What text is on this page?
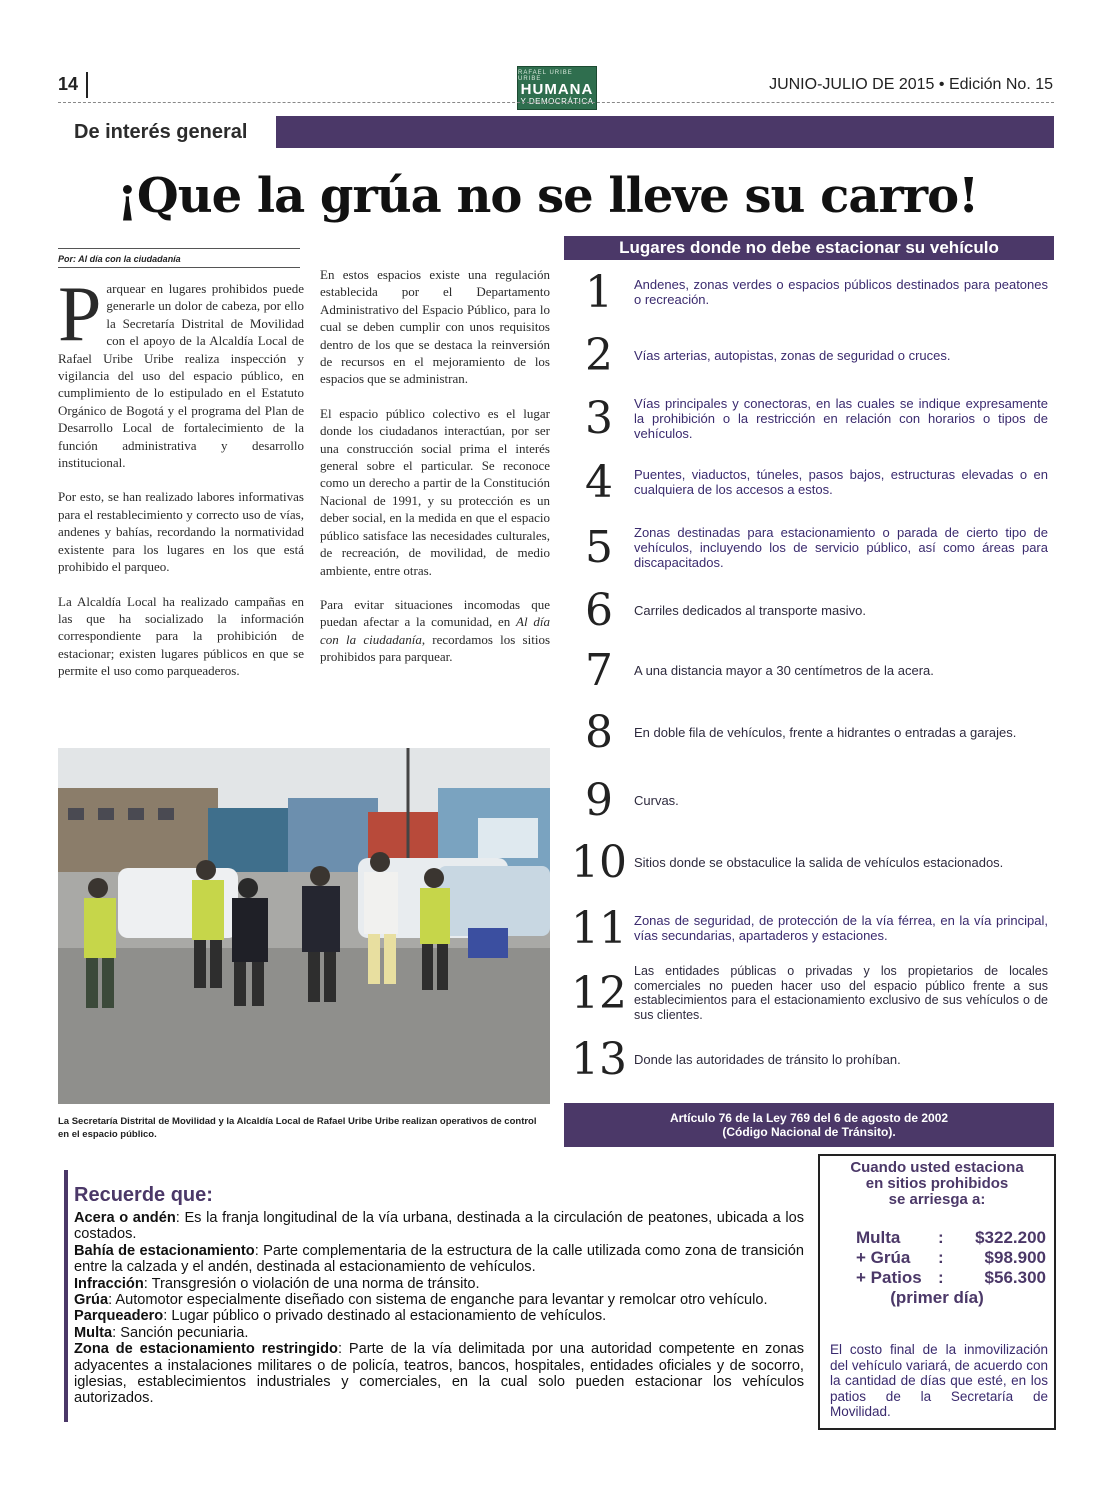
14
RAFAEL URIBE URIBE
HUMANA
Y DEMOCRÁTICA
JUNIO-JULIO DE 2015 • Edición No. 15
De interés general
¡Que la grúa no se lleve su carro!
Por: Al día con la ciudadanía

Parquear en lugares prohibidos puede generarle un dolor de cabeza, por ello la Secretaría Distrital de Movilidad con el apoyo de la Alcaldía Local de Rafael Uribe Uribe realiza inspección y vigilancia del uso del espacio público, en cumplimiento de lo estipulado en el Estatuto Orgánico de Bogotá y el programa del Plan de Desarrollo Local de fortalecimiento de la función administrativa y desarrollo institucional.

Por esto, se han realizado labores informativas para el restablecimiento y correcto uso de vías, andenes y bahías, recordando la normatividad existente para los lugares en los que está prohibido el parqueo.

La Alcaldía Local ha realizado campañas en las que ha socializado la información correspondiente para la prohibición de estacionar; existen lugares públicos en que se permite el uso como parqueaderos.

En estos espacios existe una regulación establecida por el Departamento Administrativo del Espacio Público, para lo cual se deben cumplir con unos requisitos dentro de los que se destaca la reinversión de recursos en el mejoramiento de los espacios que se administran.

El espacio público colectivo es el lugar donde los ciudadanos interactúan, por ser una construcción social prima el interés general sobre el particular. Se reconoce como un derecho a partir de la Constitución Nacional de 1991, y su protección es un deber social, en la medida en que el espacio público satisface las necesidades culturales, de recreación, de movilidad, de medio ambiente, entre otras.

Para evitar situaciones incomodas que puedan afectar a la comunidad, en Al día con la ciudadanía, recordamos los sitios prohibidos para parquear.

La Secretaría Distrital de Movilidad y la Alcaldía Local de Rafael Uribe Uribe realizan operativos de control en el espacio público.
Lugares donde no debe estacionar su vehículo
1	Andenes, zonas verdes o espacios públicos destinados para peatones o recreación.
2	Vías arterias, autopistas, zonas de seguridad o cruces.
3	Vías principales y conectoras, en las cuales se indique expresamente la prohibición o la restricción en relación con horarios o tipos de vehículos.
4	Puentes, viaductos, túneles, pasos bajos, estructuras elevadas o en cualquiera de los accesos a estos.
5	Zonas destinadas para estacionamiento o parada de cierto tipo de vehículos, incluyendo los de servicio público, así como áreas para discapacitados.
6	Carriles dedicados al transporte masivo.
7	A una distancia mayor a 30 centímetros de la acera.
8	En doble fila de vehículos, frente a hidrantes o entradas a garajes.
9	Curvas.
10 Sitios donde se obstaculice la salida de vehículos estacionados.
11 Zonas de seguridad, de protección de la vía férrea, en la vía principal, vías secundarias, apartaderos y estaciones.
12 Las entidades públicas o privadas y los propietarios de locales comerciales no pueden hacer uso del espacio público frente a sus establecimientos para el estacionamiento exclusivo de sus vehículos o de sus clientes.
13 Donde las autoridades de tránsito lo prohíban.
Artículo 76 de la Ley 769 del 6 de agosto de 2002
(Código Nacional de Tránsito).
Recuerde que:
Acera o andén: Es la franja longitudinal de la vía urbana, destinada a la circulación de peatones, ubicada a los costados.
Bahía de estacionamiento: Parte complementaria de la estructura de la calle utilizada como zona de transición entre la calzada y el andén, destinada al estacionamiento de vehículos.
Infracción: Transgresión o violación de una norma de tránsito.
Grúa: Automotor especialmente diseñado con sistema de enganche para levantar y remolcar otro vehículo.
Parqueadero: Lugar público o privado destinado al estacionamiento de vehículos.
Multa: Sanción pecuniaria.
Zona de estacionamiento restringido: Parte de la vía delimitada por una autoridad competente en zonas adyacentes a instalaciones militares o de policía, teatros, bancos, hospitales, entidades oficiales y de socorro, iglesias, establecimientos industriales y comerciales, en la cual solo pueden estacionar los vehículos autorizados.
Cuando usted estaciona
en sitios prohibidos
se arriesga a:
Multa	:	$322.200
+ Grúa	:	$98.900
+ Patios :	$56.300
(primer día)
El costo final de la inmovilización del vehículo variará, de acuerdo con la cantidad de días que esté, en los patios de la Secretaría de Movilidad.
